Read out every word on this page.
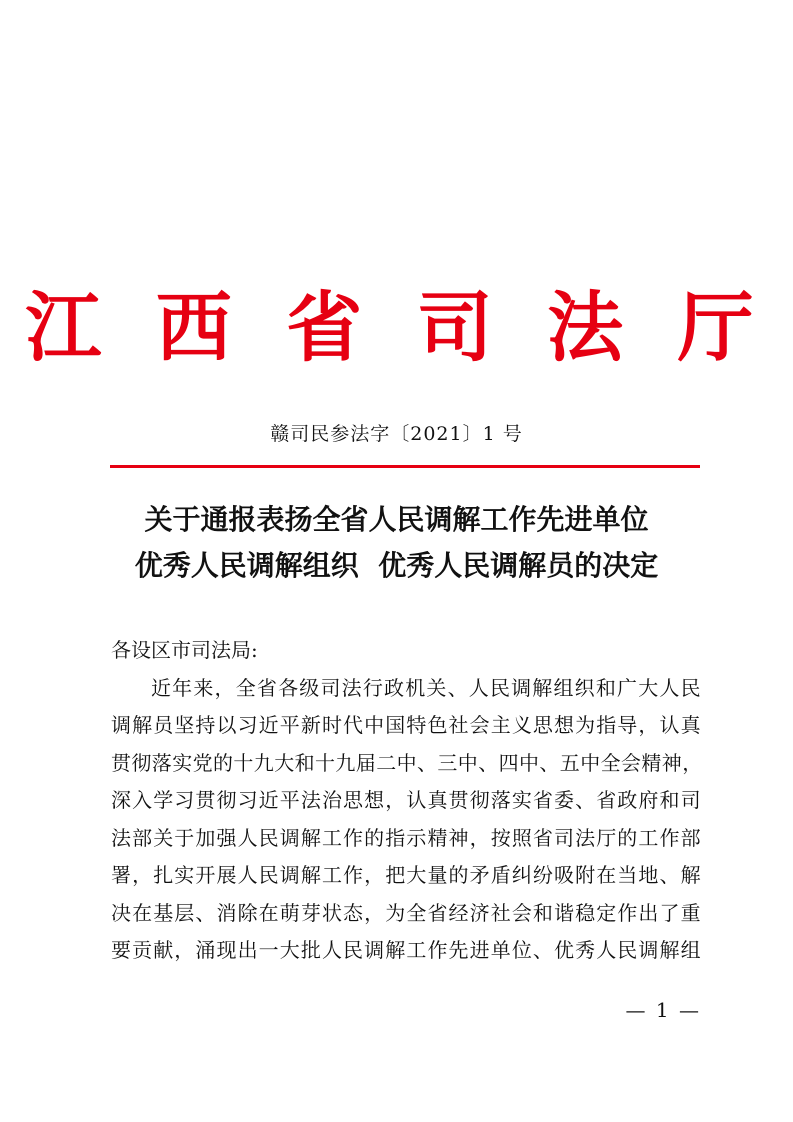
江 西 省 司 法 厅
赣司民参法字〔2021〕1 号
关于通报表扬全省人民调解工作先进单位
优秀人民调解组织  优秀人民调解员的决定
各设区市司法局:
近年来，全省各级司法行政机关、人民调解组织和广大人民
调解员坚持以习近平新时代中国特色社会主义思想为指导，认真
贯彻落实党的十九大和十九届二中、三中、四中、五中全会精神，
深入学习贯彻习近平法治思想，认真贯彻落实省委、省政府和司
法部关于加强人民调解工作的指示精神，按照省司法厅的工作部
署，扎实开展人民调解工作，把大量的矛盾纠纷吸附在当地、解
决在基层、消除在萌芽状态，为全省经济社会和谐稳定作出了重
要贡献，涌现出一大批人民调解工作先进单位、优秀人民调解组
— 1 —
